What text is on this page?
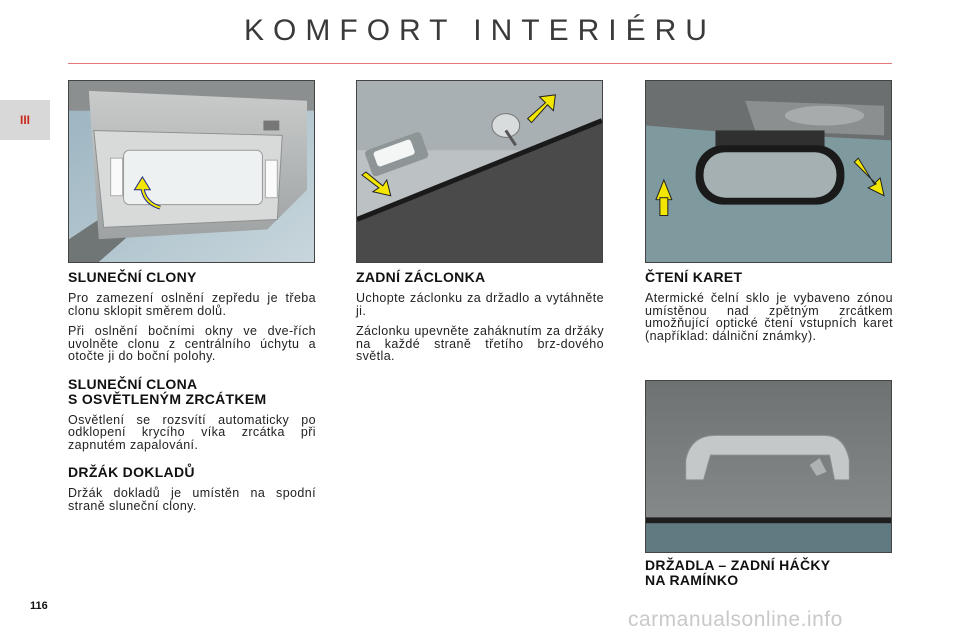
KOMFORT INTERIÉRU
III
SLUNEČNÍ CLONY

Pro zamezení oslnění zepředu je třeba clonu sklopit směrem dolů.

Při oslnění bočními okny ve dve-řích uvolněte clonu z centrálního úchytu a otočte ji do boční polohy.

SLUNEČNÍ CLONA
S OSVĚTLENÝM ZRCÁTKEM

Osvětlení se rozsvítí automaticky po odklopení krycího víka zrcátka při zapnutém zapalování.

DRŽÁK DOKLADŮ

Držák dokladů je umístěn na spodní straně sluneční clony.

ZADNÍ ZÁCLONKA

Uchopte záclonku za držadlo a vytáhněte ji.

Záclonku upevněte zaháknutím za držáky na každé straně třetího brz-dového světla.

ČTENÍ KARET

Atermické čelní sklo je vybaveno zónou umístěnou nad zpětným zrcátkem umožňující optické čtení vstupních karet (například: dálniční známky).

DRŽADLA – ZADNÍ HÁČKY
NA RAMÍNKO
116
carmanualsonline.info
